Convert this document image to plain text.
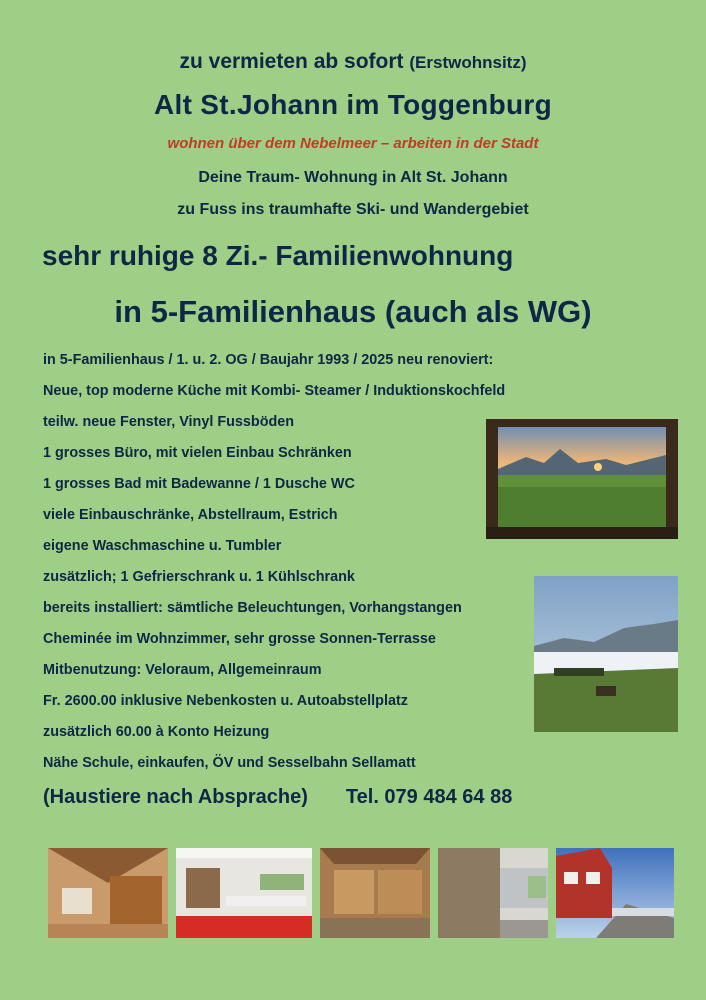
zu vermieten ab sofort (Erstwohnsitz)
Alt St.Johann im Toggenburg
wohnen über dem Nebelmeer – arbeiten in der Stadt
Deine Traum- Wohnung in Alt St. Johann
zu Fuss ins traumhafte Ski- und Wandergebiet
sehr ruhige 8 Zi.- Familienwohnung
in 5-Familienhaus (auch als WG)
in 5-Familienhaus / 1. u. 2. OG / Baujahr 1993 / 2025 neu renoviert:
Neue, top moderne Küche mit Kombi- Steamer / Induktionskochfeld
teilw. neue Fenster, Vinyl Fussböden
1 grosses Büro, mit vielen Einbau Schränken
1 grosses Bad mit Badewanne / 1 Dusche WC
viele Einbauschränke, Abstellraum, Estrich
eigene Waschmaschine u. Tumbler
zusätzlich; 1 Gefrierschrank u. 1 Kühlschrank
bereits installiert: sämtliche Beleuchtungen, Vorhangstangen
Cheminée im Wohnzimmer, sehr grosse Sonnen-Terrasse
Mitbenutzung: Veloraum, Allgemeinraum
Fr. 2600.00 inklusive Nebenkosten u. Autoabstellplatz
zusätzlich 60.00 à Konto Heizung
Nähe Schule, einkaufen, ÖV und Sesselbahn Sellamatt
(Haustiere nach Absprache) Tel. 079 484 64 88
